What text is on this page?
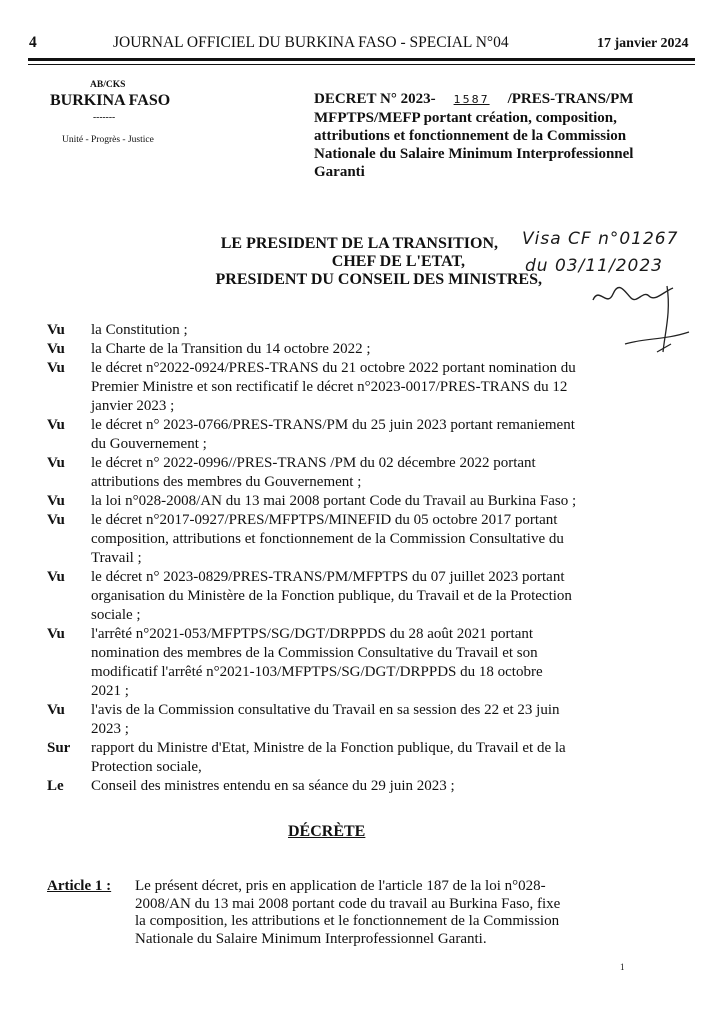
4	JOURNAL OFFICIEL DU BURKINA FASO - SPECIAL N°04	17 janvier 2024
AB/CKS
BURKINA FASO
-------
Unité - Progrès - Justice
DECRET N° 2023- 1587 /PRES-TRANS/PM
MFPTPS/MEFP portant création, composition,
attributions et fonctionnement de la Commission
Nationale du Salaire Minimum Interprofessionnel
Garanti
LE PRESIDENT DE LA TRANSITION,
CHEF DE L'ETAT,
PRESIDENT DU CONSEIL DES MINISTRES,
Visa CF n°01267
du 03/11/2023
Vu la Constitution ;
Vu la Charte de la Transition du 14 octobre 2022 ;
Vu le décret n°2022-0924/PRES-TRANS du 21 octobre 2022 portant nomination du
Premier Ministre et son rectificatif le décret n°2023-0017/PRES-TRANS du 12
janvier 2023 ;
Vu le décret n° 2023-0766/PRES-TRANS/PM du 25 juin 2023 portant remaniement
du Gouvernement ;
Vu le décret n° 2022-0996//PRES-TRANS /PM du 02 décembre 2022 portant
attributions des membres du Gouvernement ;
Vu la loi n°028-2008/AN du 13 mai 2008 portant Code du Travail au Burkina Faso ;
Vu le décret n°2017-0927/PRES/MFPTPS/MINEFID du 05 octobre 2017 portant
composition, attributions et fonctionnement de la Commission Consultative du
Travail ;
Vu le décret n° 2023-0829/PRES-TRANS/PM/MFPTPS du 07 juillet 2023 portant
organisation du Ministère de la Fonction publique, du Travail et de la Protection
sociale ;
Vu l'arrêté n°2021-053/MFPTPS/SG/DGT/DRPPDS du 28 août 2021 portant
nomination des membres de la Commission Consultative du Travail et son
modificatif l'arrêté n°2021-103/MFPTPS/SG/DGT/DRPPDS du 18 octobre
2021 ;
Vu l'avis de la Commission consultative du Travail en sa session des 22 et 23 juin
2023 ;
Sur rapport du Ministre d'Etat, Ministre de la Fonction publique, du Travail et de la
Protection sociale,
Le Conseil des ministres entendu en sa séance du 29 juin 2023 ;
DÉCRÈTE
Article 1 : Le présent décret, pris en application de l'article 187 de la loi n°028-
2008/AN du 13 mai 2008 portant code du travail au Burkina Faso, fixe
la composition, les attributions et le fonctionnement de la Commission
Nationale du Salaire Minimum Interprofessionnel Garanti.
1
